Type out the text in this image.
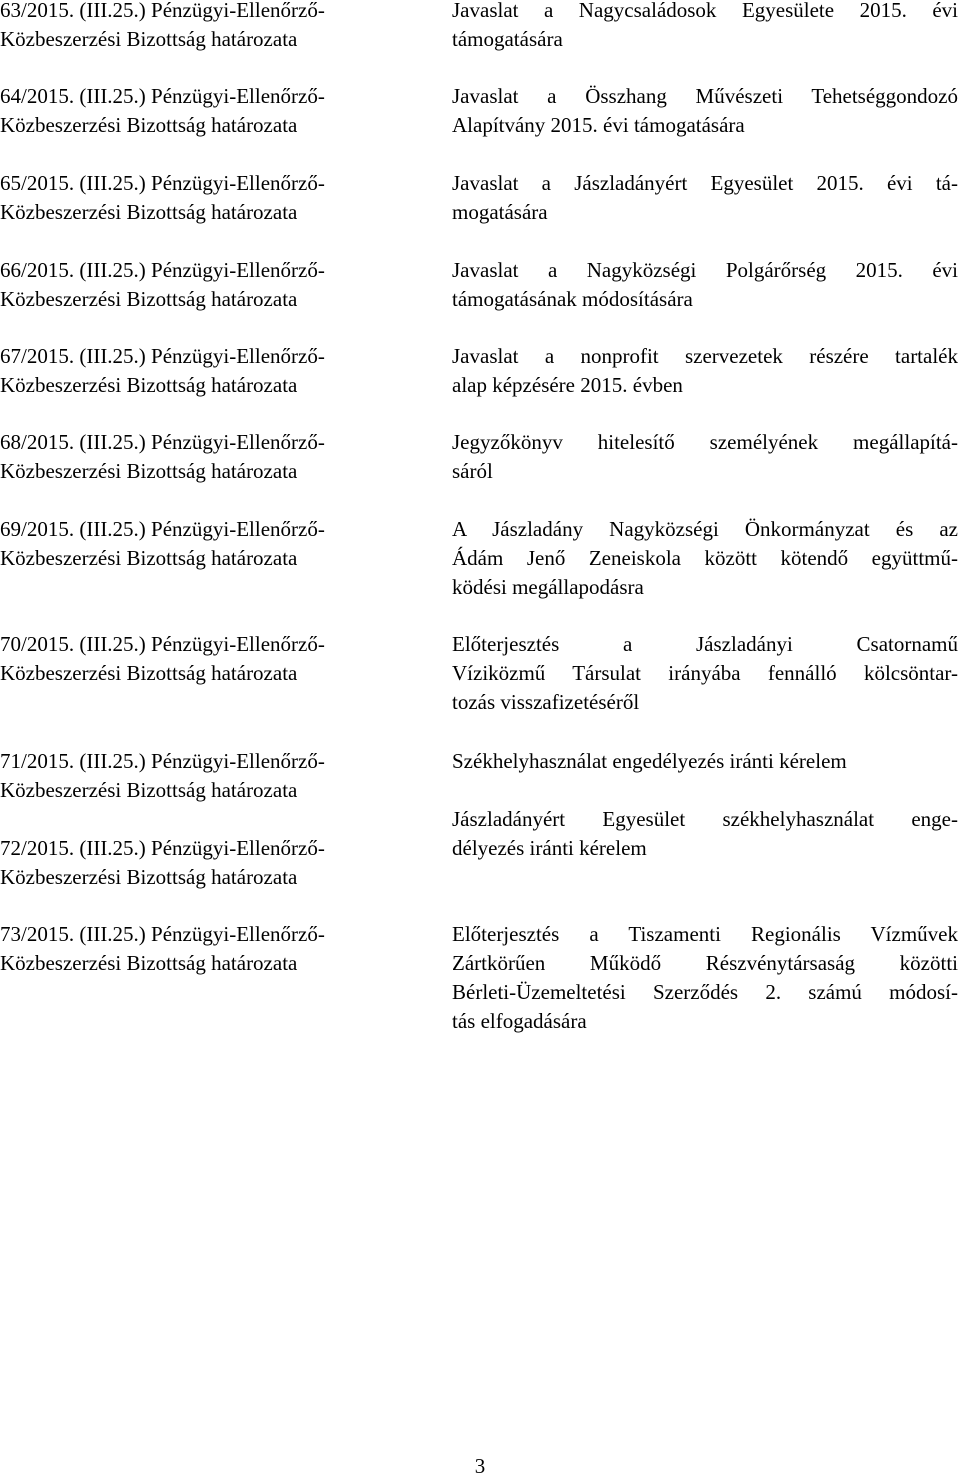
63/2015. (III.25.) Pénzügyi-Ellenőrző-
Közbeszerzési Bizottság határozata

64/2015. (III.25.) Pénzügyi-Ellenőrző-
Közbeszerzési Bizottság határozata

65/2015. (III.25.) Pénzügyi-Ellenőrző-
Közbeszerzési Bizottság határozata

66/2015. (III.25.) Pénzügyi-Ellenőrző-
Közbeszerzési Bizottság határozata

67/2015. (III.25.) Pénzügyi-Ellenőrző-
Közbeszerzési Bizottság határozata

68/2015. (III.25.) Pénzügyi-Ellenőrző-
Közbeszerzési Bizottság határozata

69/2015. (III.25.) Pénzügyi-Ellenőrző-
Közbeszerzési Bizottság határozata

70/2015. (III.25.) Pénzügyi-Ellenőrző-
Közbeszerzési Bizottság határozata

71/2015. (III.25.) Pénzügyi-Ellenőrző-
Közbeszerzési Bizottság határozata

72/2015. (III.25.) Pénzügyi-Ellenőrző-
Közbeszerzési Bizottság határozata

73/2015. (III.25.) Pénzügyi-Ellenőrző-
Közbeszerzési Bizottság határozata

Javaslat a Nagycsaládosok Egyesülete 2015. évi
támogatására

Javaslat a Összhang Művészeti Tehetséggondozó
Alapítvány 2015. évi támogatására

Javaslat a Jászladányért Egyesület 2015. évi tá-
mogatására

Javaslat a Nagyközségi Polgárőrség 2015. évi
támogatásának módosítására

Javaslat a nonprofit szervezetek részére tartalék
alap képzésére 2015. évben

Jegyzőkönyv hitelesítő személyének megállapítá-
sáról

A Jászladány Nagyközségi Önkormányzat és az
Ádám Jenő Zeneiskola között kötendő együttmű-
ködési megállapodásra

Előterjesztés a Jászladányi Csatornamű
Víziközmű Társulat irányába fennálló kölcsöntar-
tozás visszafizetéséről

Székhelyhasználat engedélyezés iránti kérelem

Jászladányért Egyesület székhelyhasználat enge-
délyezés iránti kérelem

Előterjesztés a Tiszamenti Regionális Vízművek
Zártkörűen Működő Részvénytársaság közötti
Bérleti-Üzemeltetési Szerződés 2. számú módosí-
tás elfogadására

3
